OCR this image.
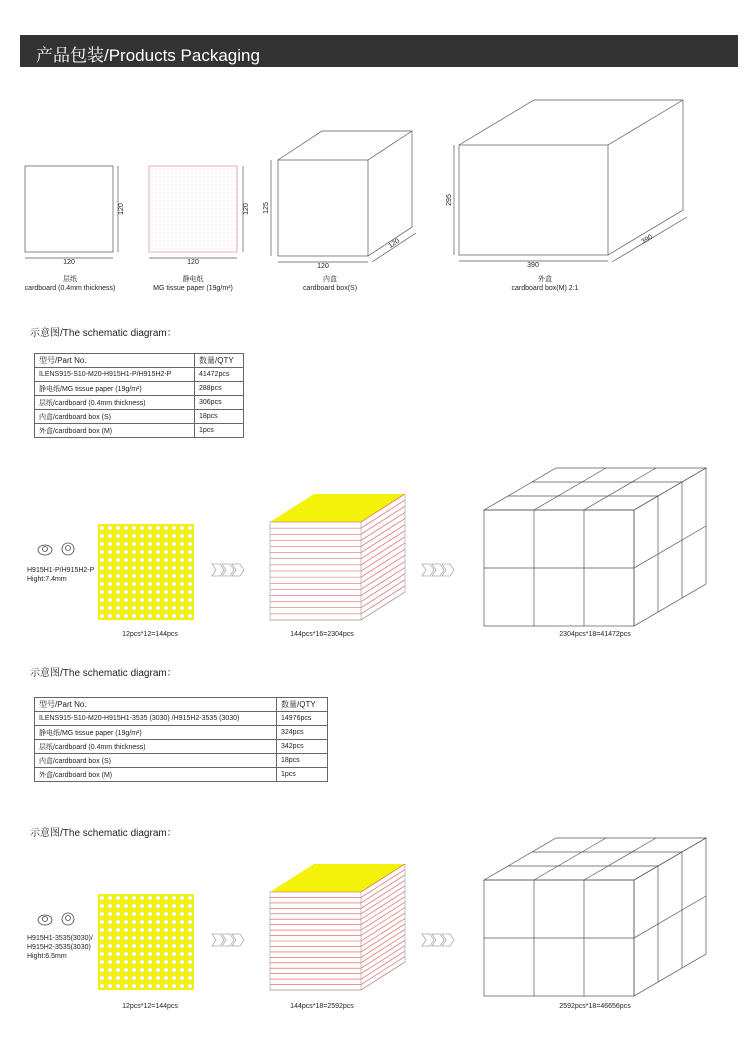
产品包装/Products Packaging
120
120
120
120
120
125
120
390
295
390
层纸
cardboard (0.4mm thickness)
静电纸
MG tissue paper (19g/m²)
内盒
cardboard box(S)
外盒
cardboard box(M) 2:1
示意图/The schematic diagram：
型号/Part No.	数量/QTY
ILENS915-S10-M20-H915H1-P/H915H2-P	41472pcs
静电纸/MG tissue paper (19g/m²)	288pcs
层纸/cardboard (0.4mm thickness)	306pcs
内盒/cardboard box (S)	18pcs
外盒/cardboard box (M)	1pcs
示意图/The schematic diagram：
型号/Part No.	数量/QTY
ILENS915-S10-M20-H915H1-3535 (3030) /H915H2-3535 (3030)	14976pcs
静电纸/MG tissue paper (19g/m²)	324pcs
层纸/cardboard (0.4mm thickness)	342pcs
内盒/cardboard box (S)	18pcs
外盒/cardboard box (M)	1pcs
示意图/The schematic diagram：
H915H1-P/H915H2-P
Hight:7.4mm
12pcs*12=144pcs	144pcs*16=2304pcs	2304pcs*18=41472pcs
H915H1-3535(3030)/
H915H2-3535(3030)
Hight:6.5mm
12pcs*12=144pcs	144pcs*18=2592pcs	2592pcs*18=46656pcs
